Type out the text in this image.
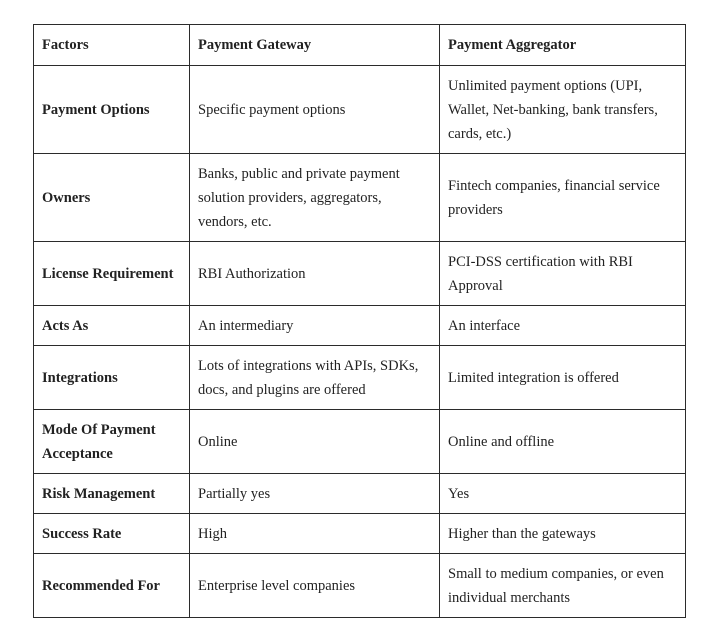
Factors	Payment Gateway	Payment Aggregator
Payment Options	Specific payment options	Unlimited payment options (UPI, Wallet, Net-banking, bank transfers, cards, etc.)
Owners	Banks, public and private payment solution providers, aggregators, vendors, etc.	Fintech companies, financial service providers
License Requirement	RBI Authorization	PCI-DSS certification with RBI Approval
Acts As	An intermediary	An interface
Integrations	Lots of integrations with APIs, SDKs, docs, and plugins are offered	Limited integration is offered
Mode Of Payment Acceptance	Online	Online and offline
Risk Management	Partially yes	Yes
Success Rate	High	Higher than the gateways
Recommended For	Enterprise level companies	Small to medium companies, or even individual merchants
